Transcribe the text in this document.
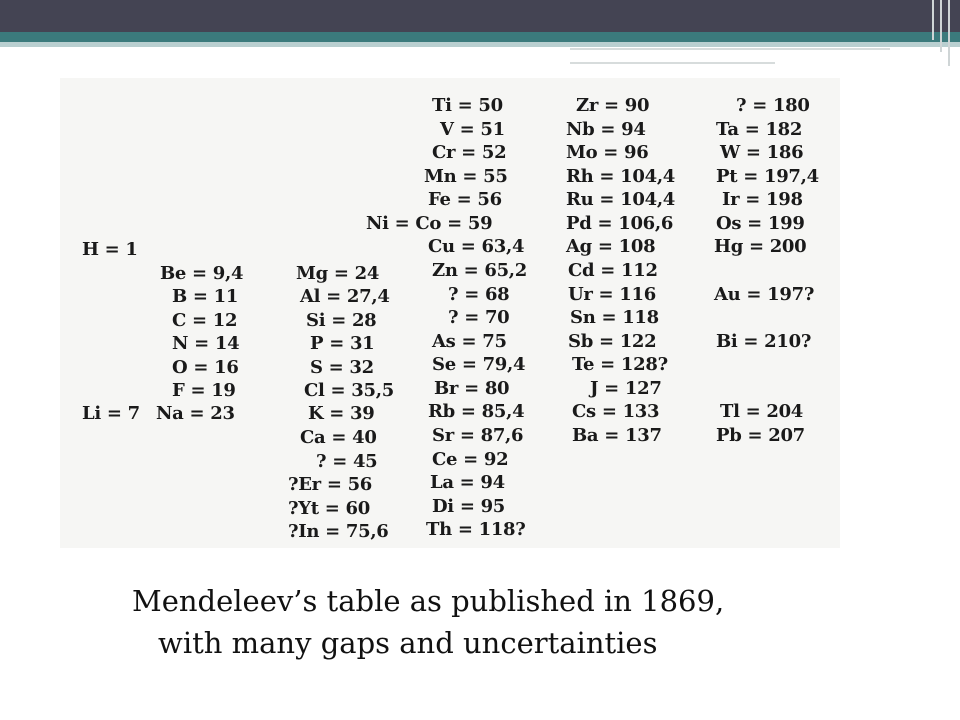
H = 1
Li = 7
Be = 9,4
B = 11
C = 12
N = 14
O = 16
F = 19
Na = 23
Mg = 24
Al = 27,4
Si = 28
P = 31
S = 32
Cl = 35,5
K = 39
Ca = 40
? = 45
?Er = 56
?Yt = 60
?In = 75,6
Ti = 50
V = 51
Cr = 52
Mn = 55
Fe = 56
Ni = Co = 59
Cu = 63,4
Zn = 65,2
? = 68
? = 70
As = 75
Se = 79,4
Br = 80
Rb = 85,4
Sr = 87,6
Ce = 92
La = 94
Di = 95
Th = 118?
Zr = 90
Nb = 94
Mo = 96
Rh = 104,4
Ru = 104,4
Pd = 106,6
Ag = 108
Cd = 112
Ur = 116
Sn = 118
Sb = 122
Te = 128?
J = 127
Cs = 133
Ba = 137
? = 180
Ta = 182
W = 186
Pt = 197,4
Ir = 198
Os = 199
Hg = 200
Au = 197?
Bi = 210?
Tl = 204
Pb = 207
Mendeleev’s table as published in 1869,
with many gaps and uncertainties
